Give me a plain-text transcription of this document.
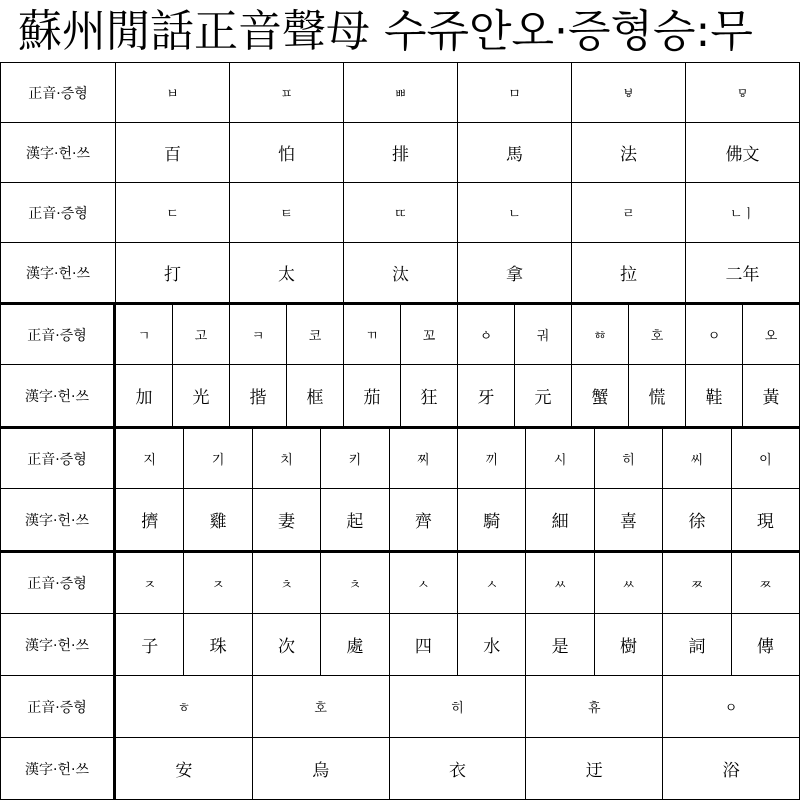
蘇州閒話正音聲母 수쥬안오·증형승:무
正音·증형	ㅂ	ㅍ	ㅃ	ㅁ	ㅸ	ㅱ
漢字·헌·쓰	百	怕	排	馬	法	佛文
正音·증형	ㄷ	ㅌ	ㄸ	ㄴ	ㄹ	ㄴㅣ
漢字·헌·쓰	打	太	汰	拿	拉	二年
正音·증형	ㄱ	고	ㅋ	코	ㄲ	꼬	ㆁ	궈	ㆅ	호	ㅇ	오
漢字·헌·쓰	加	光	揩	框	茄	狂	牙	元	蟹	慌	鞋	黃
正音·증형	지	기	치	키	찌	끼	시	히	씨	이
漢字·헌·쓰	擠	雞	妻	起	齊	騎	細	喜	徐	現
正音·증형	ㅈ	ㅈ	ㅊ	ㅊ	ㅅ	ㅅ	ㅆ	ㅆ	ㅉ	ㅉ
漢字·헌·쓰	子	珠	次	處	四	水	是	樹	詞	傳
正音·증형	ㅎ	호	히	휴	ㅇ
漢字·헌·쓰	安	烏	衣	迂	浴
